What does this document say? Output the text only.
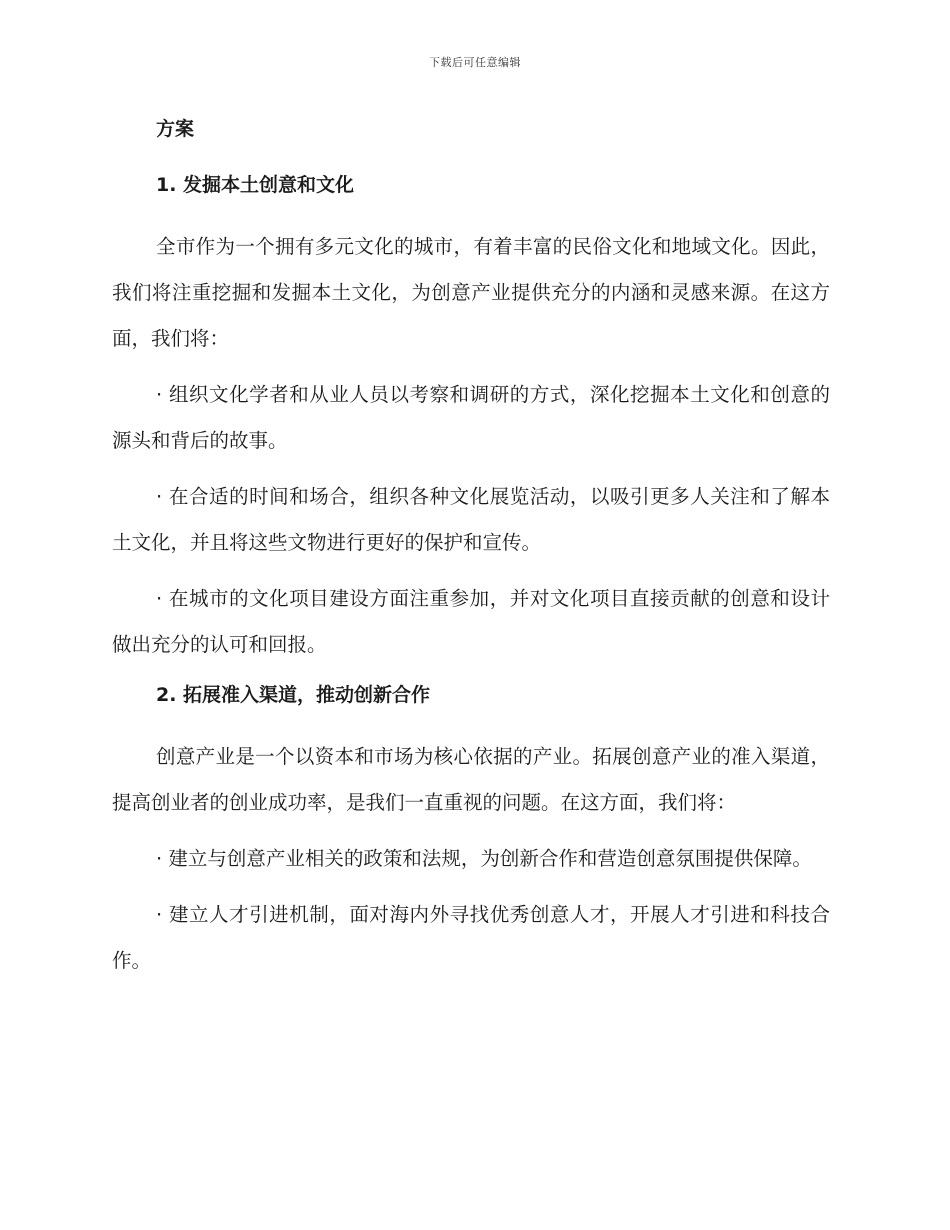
下载后可任意编辑
方案
1. 发掘本土创意和文化

全市作为一个拥有多元文化的城市，有着丰富的民俗文化和地域文化。因此，我们将注重挖掘和发掘本土文化，为创意产业提供充分的内涵和灵感来源。在这方面，我们将：

· 组织文化学者和从业人员以考察和调研的方式，深化挖掘本土文化和创意的源头和背后的故事。

· 在合适的时间和场合，组织各种文化展览活动，以吸引更多人关注和了解本土文化，并且将这些文物进行更好的保护和宣传。

· 在城市的文化项目建设方面注重参加，并对文化项目直接贡献的创意和设计做出充分的认可和回报。

2. 拓展准入渠道，推动创新合作

创意产业是一个以资本和市场为核心依据的产业。拓展创意产业的准入渠道，提高创业者的创业成功率，是我们一直重视的问题。在这方面，我们将：

· 建立与创意产业相关的政策和法规，为创新合作和营造创意氛围提供保障。

· 建立人才引进机制，面对海内外寻找优秀创意人才，开展人才引进和科技合作。
